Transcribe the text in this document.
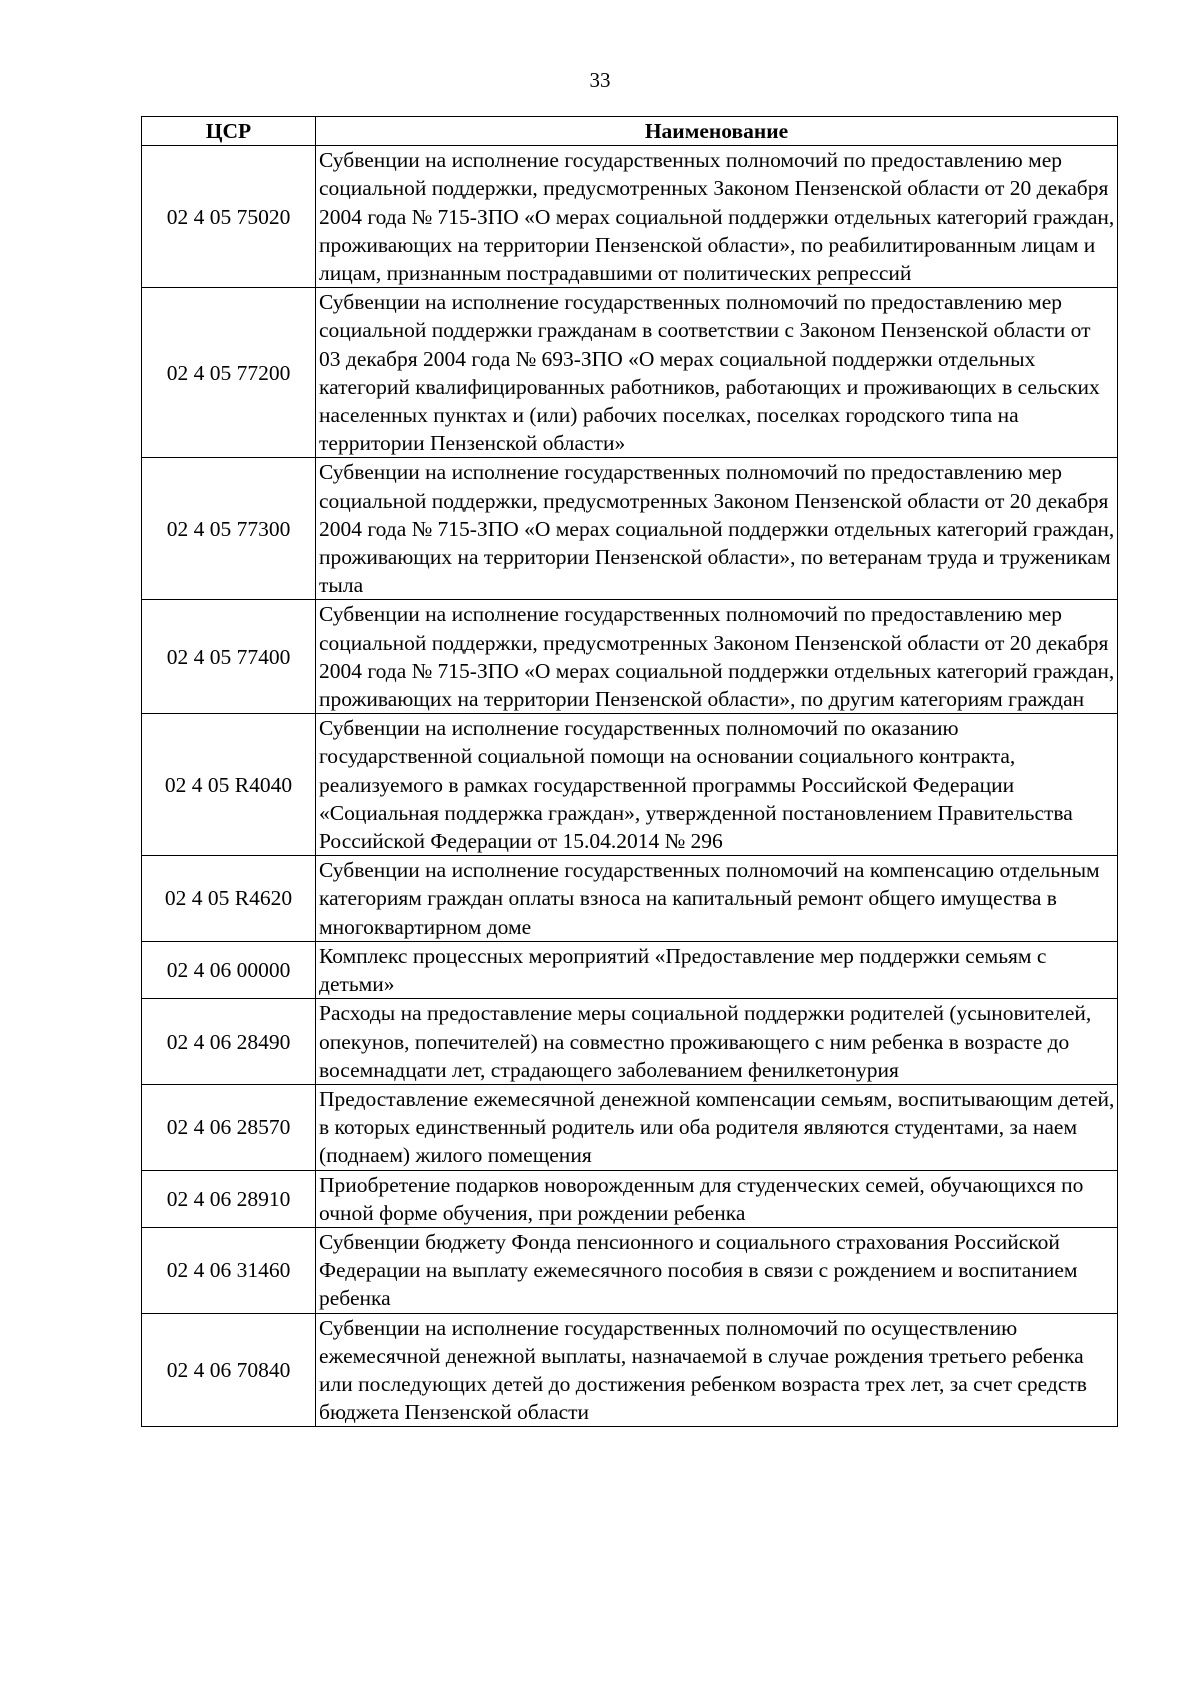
33
ЦСР	Наименование
02 4 05 75020	Субвенции на исполнение государственных полномочий по предоставлению мер социальной поддержки, предусмотренных Законом Пензенской области от 20 декабря 2004 года № 715-ЗПО «О мерах социальной поддержки отдельных категорий граждан, проживающих на территории Пензенской области», по реабилитированным лицам и лицам, признанным пострадавшими от политических репрессий
02 4 05 77200	Субвенции на исполнение государственных полномочий по предоставлению мер социальной поддержки гражданам в соответствии с Законом Пензенской области от 03 декабря 2004 года № 693-ЗПО «О мерах социальной поддержки отдельных категорий квалифицированных работников, работающих и проживающих в сельских населенных пунктах и (или) рабочих поселках, поселках городского типа на территории Пензенской области»
02 4 05 77300	Субвенции на исполнение государственных полномочий по предоставлению мер социальной поддержки, предусмотренных Законом Пензенской области от 20 декабря 2004 года № 715-ЗПО «О мерах социальной поддержки отдельных категорий граждан, проживающих на территории Пензенской области», по ветеранам труда и труженикам тыла
02 4 05 77400	Субвенции на исполнение государственных полномочий по предоставлению мер социальной поддержки, предусмотренных Законом Пензенской области от 20 декабря 2004 года № 715-ЗПО «О мерах социальной поддержки отдельных категорий граждан, проживающих на территории Пензенской области», по другим категориям граждан
02 4 05 R4040	Субвенции на исполнение государственных полномочий по оказанию государственной социальной помощи на основании социального контракта, реализуемого в рамках государственной программы Российской Федерации «Социальная поддержка граждан», утвержденной постановлением Правительства Российской Федерации от 15.04.2014 № 296
02 4 05 R4620	Субвенции на исполнение государственных полномочий на компенсацию отдельным категориям граждан оплаты взноса на капитальный ремонт общего имущества в многоквартирном доме
02 4 06 00000	Комплекс процессных мероприятий «Предоставление мер поддержки семьям с детьми»
02 4 06 28490	Расходы на предоставление меры социальной поддержки родителей (усыновителей, опекунов, попечителей) на совместно проживающего с ним ребенка в возрасте до восемнадцати лет, страдающего заболеванием фенилкетонурия
02 4 06 28570	Предоставление ежемесячной денежной компенсации семьям, воспитывающим детей, в которых единственный родитель или оба родителя являются студентами, за наем (поднаем) жилого помещения
02 4 06 28910	Приобретение подарков новорожденным для студенческих семей, обучающихся по очной форме обучения, при рождении ребенка
02 4 06 31460	Субвенции бюджету Фонда пенсионного и социального страхования Российской Федерации на выплату ежемесячного пособия в связи с рождением и воспитанием ребенка
02 4 06 70840	Субвенции на исполнение государственных полномочий по осуществлению ежемесячной денежной выплаты, назначаемой в случае рождения третьего ребенка или последующих детей до достижения ребенком возраста трех лет, за счет средств бюджета Пензенской области
